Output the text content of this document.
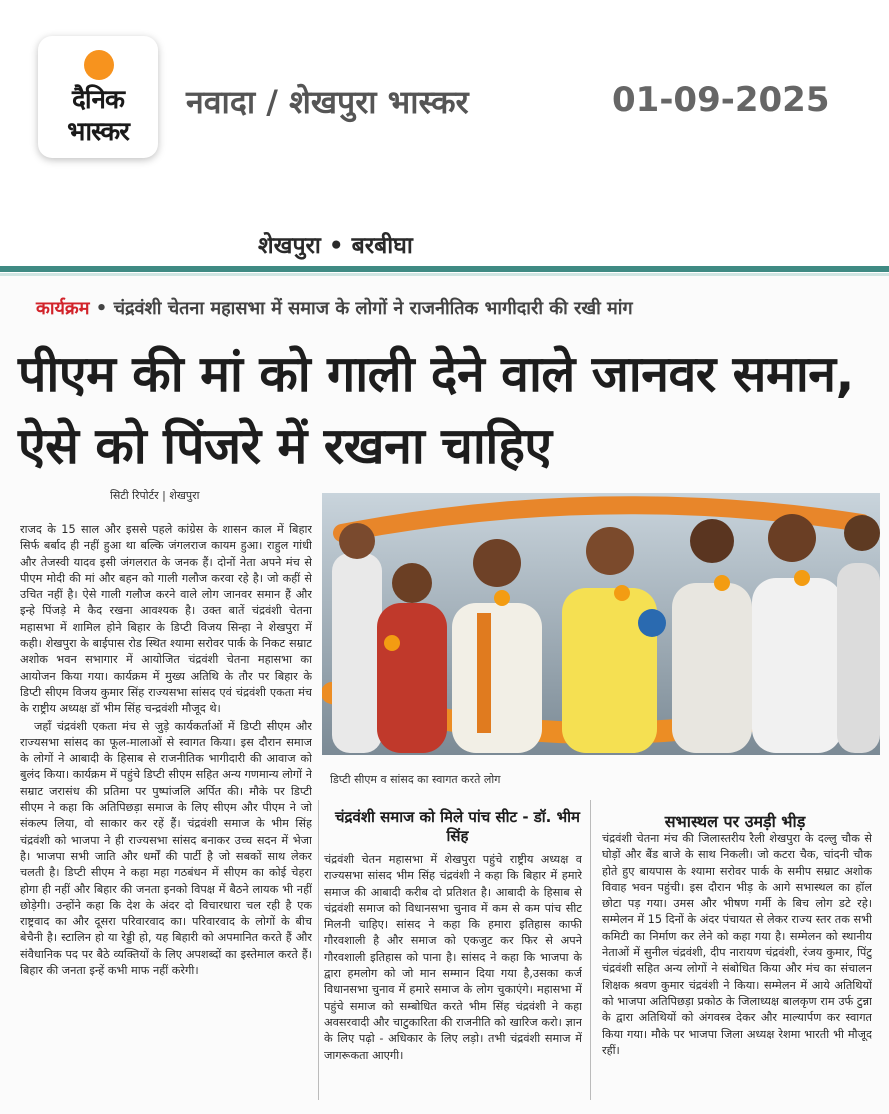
दैनिक
भास्कर
नवादा / शेखपुरा भास्कर	01-09-2025
शेखपुरा • बरबीघा
कार्यक्रम • चंद्रवंशी चेतना महासभा में समाज के लोगों ने राजनीतिक भागीदारी की रखी मांग
पीएम की मां को गाली देने वाले जानवर समान, ऐसे को पिंजरे में रखना चाहिए
सिटी रिपोर्टर | शेखपुरा

राजद के 15 साल और इससे पहले कांग्रेस के शासन काल में बिहार सिर्फ बर्बाद ही नहीं हुआ था बल्कि जंगलराज कायम हुआ। राहुल गांधी और तेजस्वी यादव इसी जंगलरात के जनक हैं। दोनों नेता अपने मंच से पीएम मोदी की मां और बहन को गाली गलौज करवा रहे है। जो कहीं से उचित नहीं है। ऐसे गाली गलौज करने वाले लोग जानवर समान हैं और इन्हे पिंजड़े मे कैद रखना आवश्यक है। उक्त बातें चंद्रवंशी चेतना महासभा में शामिल होने बिहार के डिप्टी विजय सिन्हा ने शेखपुरा में कही। शेखपुरा के बाईपास रोड स्थित श्यामा सरोवर पार्क के निकट सम्राट अशोक भवन सभागार में आयोजित चंद्रवंशी चेतना महासभा का आयोजन किया गया। कार्यक्रम में मुख्य अतिथि के तौर पर बिहार के डिप्टी सीएम विजय कुमार सिंह राज्यसभा सांसद एवं चंद्रवंशी एकता मंच के राष्ट्रीय अध्यक्ष डॉ भीम सिंह चन्द्रवंशी मौजूद थे।

जहाँ चंद्रवंशी एकता मंच से जुड़े कार्यकर्ताओं में डिप्टी सीएम और राज्यसभा सांसद का फूल-मालाओं से स्वागत किया। इस दौरान समाज के लोगों ने आबादी के हिसाब से राजनीतिक भागीदारी की आवाज को बुलंद किया। कार्यक्रम में पहुंचे डिप्टी सीएम सहित अन्य गणमान्य लोगों ने सम्राट जरासंध की प्रतिमा पर पुष्पांजलि अर्पित की। मौके पर डिप्टी सीएम ने कहा कि अतिपिछड़ा समाज के लिए सीएम और पीएम ने जो संकल्प लिया, वो साकार कर रहें हैं। चंद्रवंशी समाज के भीम सिंह चंद्रवंशी को भाजपा ने ही राज्यसभा सांसद बनाकर उच्च सदन में भेजा है। भाजपा सभी जाति और धर्मों की पार्टी है जो सबकों साथ लेकर चलती है। डिप्टी सीएम ने कहा महा गठबंधन में सीएम का कोई चेहरा होगा ही नहीं और बिहार की जनता इनको विपक्ष में बैठने लायक भी नहीं छोड़ेगी। उन्होंने कहा कि देश के अंदर दो विचारधारा चल रही है एक राष्ट्रवाद का और दूसरा परिवारवाद का। परिवारवाद के लोगों के बीच बेचैनी है। स्टालिन हो या रेड्डी हो, यह बिहारी को अपमानित करते हैं और संवैधानिक पद पर बैठे व्यक्तियों के लिए अपशब्दों का इस्तेमाल करते हैं। बिहार की जनता इन्हें कभी माफ नहीं करेगी।

डिप्टी सीएम व सांसद का स्वागत करते लोग
चंद्रवंशी समाज को मिले पांच सीट - डॉ. भीम सिंह
चंद्रवंशी चेतन महासभा में शेखपुरा पहुंचे राष्ट्रीय अध्यक्ष व राज्यसभा सांसद भीम सिंह चंद्रवंशी ने कहा कि बिहार में हमारे समाज की आबादी करीब दो प्रतिशत है। आबादी के हिसाब से चंद्रवंशी समाज को विधानसभा चुनाव में कम से कम पांच सीट मिलनी चाहिए। सांसद ने कहा कि हमारा इतिहास काफी गौरवशाली है और समाज को एकजुट कर फिर से अपने गौरवशाली इतिहास को पाना है। सांसद ने कहा कि भाजपा के द्वारा हमलोग को जो मान सम्मान दिया गया है,उसका कर्ज विधानसभा चुनाव में हमारे समाज के लोग चुकाएंगे। महासभा में पहुंचे समाज को सम्बोधित करते भीम सिंह चंद्रवंशी ने कहा अवसरवादी और चाटुकारिता की राजनीति को खारिज करो। ज्ञान के लिए पढ़ो - अधिकार के लिए लड़ो। तभी चंद्रवंशी समाज में जागरूकता आएगी।
सभास्थल पर उमड़ी भीड़
चंद्रवंशी चेतना मंच की जिलास्तरीय रैली शेखपुरा के दल्लु चौक से घोड़ों और बैंड बाजे के साथ निकली। जो कटरा चैक, चांदनी चौक होते हुए बायपास के श्यामा सरोवर पार्क के समीप सम्राट अशोक विवाह भवन पहुंची। इस दौरान भीड़ के आगे सभास्थल का हॉल छोटा पड़ गया। उमस और भीषण गर्मी के बिच लोग डटे रहे। सम्मेलन में 15 दिनों के अंदर पंचायत से लेकर राज्य स्तर तक सभी कमिटी का निर्माण कर लेने को कहा गया है। सम्मेलन को स्थानीय नेताओं में सुनील चंद्रवंशी, दीप नारायण चंद्रवंशी, रंजय कुमार, पिंटु चंद्रवंशी सहित अन्य लोगों ने संबोधित किया और मंच का संचालन शिक्षक श्रवण कुमार चंद्रवंशी ने किया। सम्मेलन में आये अतिथियों को भाजपा अतिपिछड़ा प्रकोठ के जिलाध्यक्ष बालकृण राम उर्फ टुन्ना के द्वारा अतिथियों को अंगवस्त्र देकर और माल्यार्पण कर स्वागत किया गया। मौके पर भाजपा जिला अध्यक्ष रेशमा भारती भी मौजूद रहीं।
